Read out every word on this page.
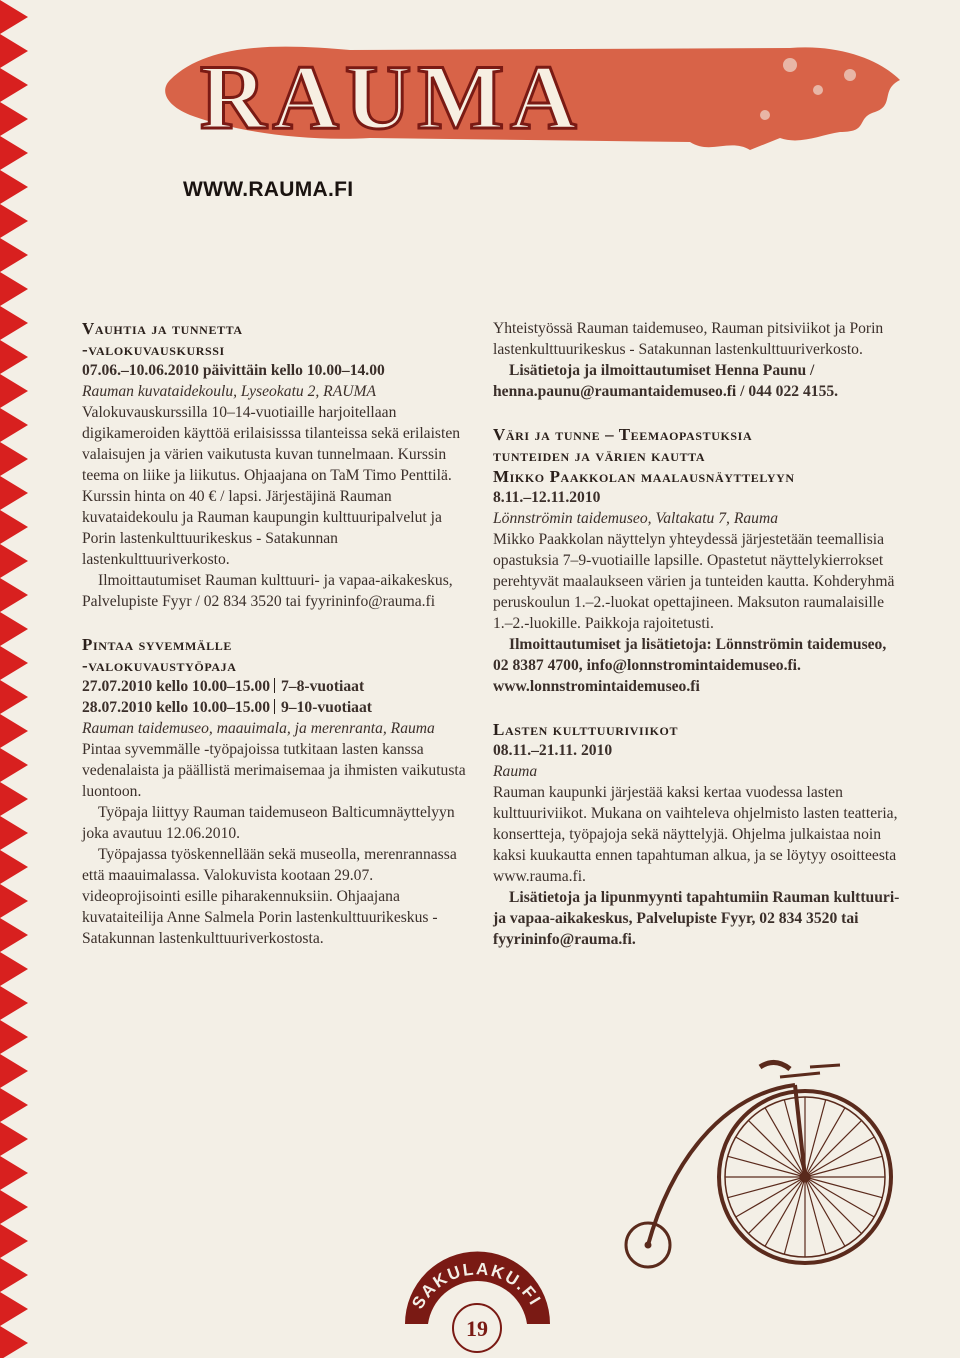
RAUMA
WWW.RAUMA.FI
Vauhtia ja tunnetta
-valokuvauskurssi

07.06.–10.06.2010 päivittäin kello 10.00–14.00

Rauman kuvataidekoulu, Lyseokatu 2, RAUMA

Valokuvauskurssilla 10–14-vuotiaille harjoitellaan digikameroiden käyttöä erilaisisssa tilanteissa sekä erilaisten valaisujen ja värien vaikutusta kuvan tunnelmaan. Kurssin teema on liike ja liikutus. Ohjaajana on TaM Timo Penttilä. Kurssin hinta on 40 € / lapsi. Järjestäjinä Rauman kuvataidekoulu ja Rauman kaupungin kulttuuripalvelut ja Porin lastenkulttuurikeskus - Satakunnan lastenkulttuuriverkosto.

Ilmoittautumiset Rauman kulttuuri- ja vapaa-aikakeskus, Palvelupiste Fyyr / 02 834 3520 tai fyyrininfo@rauma.fi

Pintaa syvemmälle
-valokuvaustyöpaja

27.07.2010 kello 10.00–15.00 7–8-vuotiaat

28.07.2010 kello 10.00–15.00 9–10-vuotiaat

Rauman taidemuseo, maauimala, ja merenranta, Rauma

Pintaa syvemmälle -työpajoissa tutkitaan lasten kanssa vedenalaista ja päällistä merimaisemaa ja ihmisten vaikutusta luontoon.

Työpaja liittyy Rauman taidemuseon Balticumnäyttelyyn joka avautuu 12.06.2010.

Työpajassa työskennellään sekä museolla, merenrannassa että maauimalassa. Valokuvista kootaan 29.07. videoprojisointi esille piharakennuksiin. Ohjaajana kuvataiteilija Anne Salmela Porin lastenkulttuurikeskus - Satakunnan lastenkulttuuriverkostosta.

Yhteistyössä Rauman taidemuseo, Rauman pitsiviikot ja Porin lastenkulttuurikeskus - Satakunnan lastenkulttuuriverkosto.

Lisätietoja ja ilmoittautumiset Henna Paunu / henna.paunu@raumantaidemuseo.fi / 044 022 4155.

Väri ja tunne – Teemaopastuksia
tunteiden ja värien kautta
Mikko Paakkolan maalausnäyttelyyn

8.11.–12.11.2010

Lönnströmin taidemuseo, Valtakatu 7, Rauma

Mikko Paakkolan näyttelyn yhteydessä järjestetään teemallisia opastuksia 7–9-vuotiaille lapsille. Opastetut näyttelykierrokset perehtyvät maalaukseen värien ja tunteiden kautta. Kohderyhmä peruskoulun 1.–2.-luokat opettajineen. Maksuton raumalaisille 1.–2.-luokille. Paikkoja rajoitetusti.

Ilmoittautumiset ja lisätietoja: Lönnströmin taidemuseo, 02 8387 4700, info@lonnstromintaidemuseo.fi. www.lonnstromintaidemuseo.fi

Lasten kulttuuriviikot

08.11.–21.11. 2010

Rauma

Rauman kaupunki järjestää kaksi kertaa vuodessa lasten kulttuuriviikot. Mukana on vaihteleva ohjelmisto lasten teatteria, konsertteja, työpajoja sekä näyttelyjä. Ohjelma julkaistaa noin kaksi kuukautta ennen tapahtuman alkua, ja se löytyy osoitteesta www.rauma.fi.

Lisätietoja ja lipunmyynti tapahtumiin Rauman kulttuuri- ja vapaa-aikakeskus, Palvelupiste Fyyr, 02 834 3520 tai fyyrininfo@rauma.fi.

SAKULAKU.FI
19
